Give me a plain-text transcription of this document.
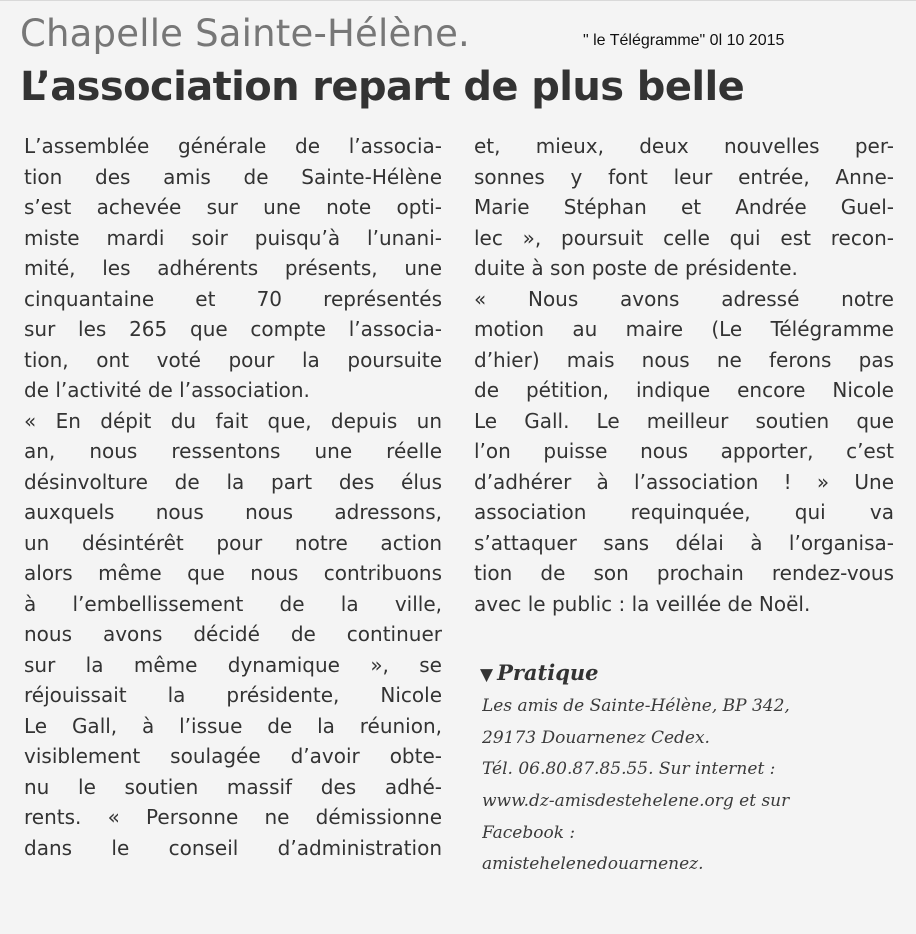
Chapelle Sainte-Hélène.	" le Télégramme" 0l 10 2015
L’association repart de plus belle
L’assemblée générale de l’associa-
tion des amis de Sainte-Hélène
s’est achevée sur une note opti-
miste mardi soir puisqu’à l’unani-
mité, les adhérents présents, une
cinquantaine et 70 représentés
sur les 265 que compte l’associa-
tion, ont voté pour la poursuite
de l’activité de l’association.
« En dépit du fait que, depuis un
an, nous ressentons une réelle
désinvolture de la part des élus
auxquels nous nous adressons,
un désintérêt pour notre action
alors même que nous contribuons
à l’embellissement de la ville,
nous avons décidé de continuer
sur la même dynamique », se
réjouissait la présidente, Nicole
Le Gall, à l’issue de la réunion,
visiblement soulagée d’avoir obte-
nu le soutien massif des adhé-
rents. « Personne ne démissionne
dans le conseil d’administration
et, mieux, deux nouvelles per-
sonnes y font leur entrée, Anne-
Marie Stéphan et Andrée Guel-
lec », poursuit celle qui est recon-
duite à son poste de présidente.
« Nous avons adressé notre
motion au maire (Le Télégramme
d’hier) mais nous ne ferons pas
de pétition, indique encore Nicole
Le Gall. Le meilleur soutien que
l’on puisse nous apporter, c’est
d’adhérer à l’association ! » Une
association requinquée, qui va
s’attaquer sans délai à l’organisa-
tion de son prochain rendez-vous
avec le public : la veillée de Noël.
▼ Pratique
Les amis de Sainte-Hélène, BP 342,
29173 Douarnenez Cedex.
Tél. 06.80.87.85.55. Sur internet :
www.dz-amisdestehelene.org et sur
Facebook :
amistehelenedouarnenez.
